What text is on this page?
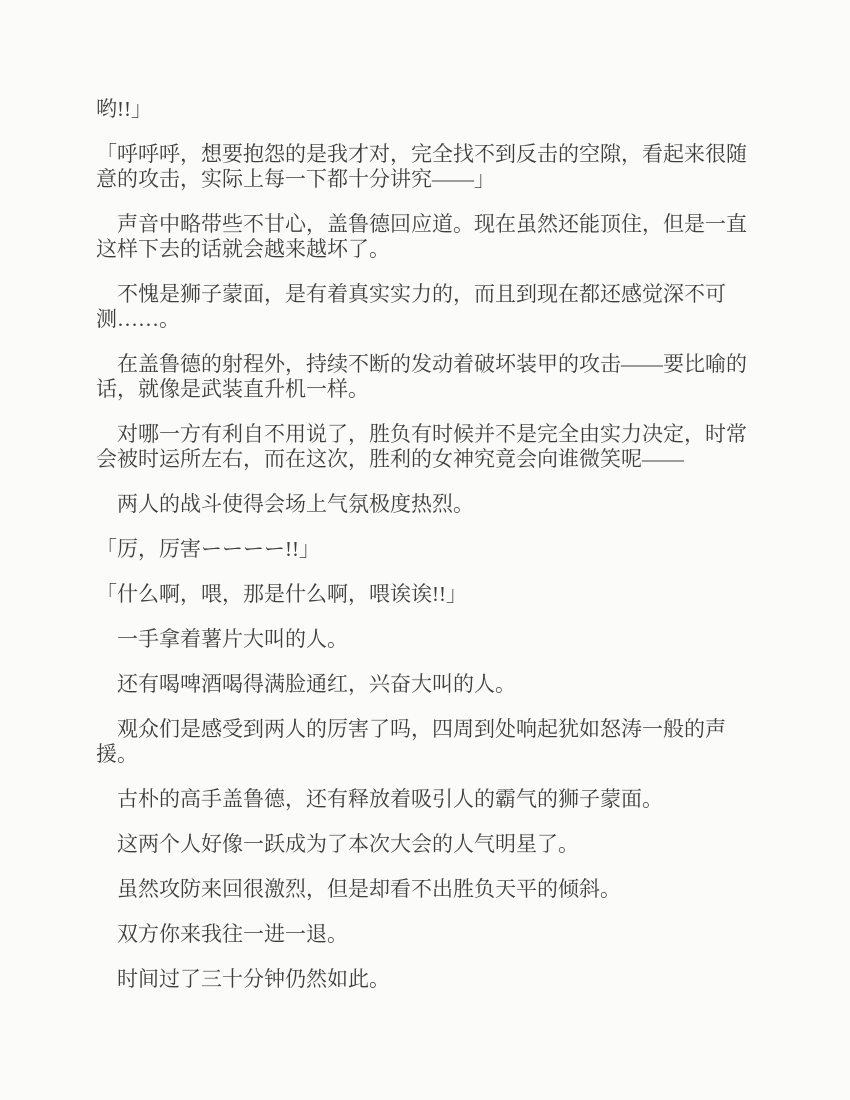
哟!!」

「呼呼呼，想要抱怨的是我才对，完全找不到反击的空隙，看起来很随
意的攻击，实际上每一下都十分讲究——」

声音中略带些不甘心，盖鲁德回应道。现在虽然还能顶住，但是一直
这样下去的话就会越来越坏了。

不愧是狮子蒙面，是有着真实实力的，而且到现在都还感觉深不可
测……。

在盖鲁德的射程外，持续不断的发动着破坏装甲的攻击——要比喻的
话，就像是武装直升机一样。

对哪一方有利自不用说了，胜负有时候并不是完全由实力决定，时常
会被时运所左右，而在这次，胜利的女神究竟会向谁微笑呢——

两人的战斗使得会场上气氛极度热烈。

「厉，厉害ーーーー!!」

「什么啊，喂，那是什么啊，喂诶诶!!」

一手拿着薯片大叫的人。

还有喝啤酒喝得满脸通红，兴奋大叫的人。

观众们是感受到两人的厉害了吗，四周到处响起犹如怒涛一般的声
援。

古朴的高手盖鲁德，还有释放着吸引人的霸气的狮子蒙面。

这两个人好像一跃成为了本次大会的人气明星了。

虽然攻防来回很激烈，但是却看不出胜负天平的倾斜。

双方你来我往一进一退。

时间过了三十分钟仍然如此。
